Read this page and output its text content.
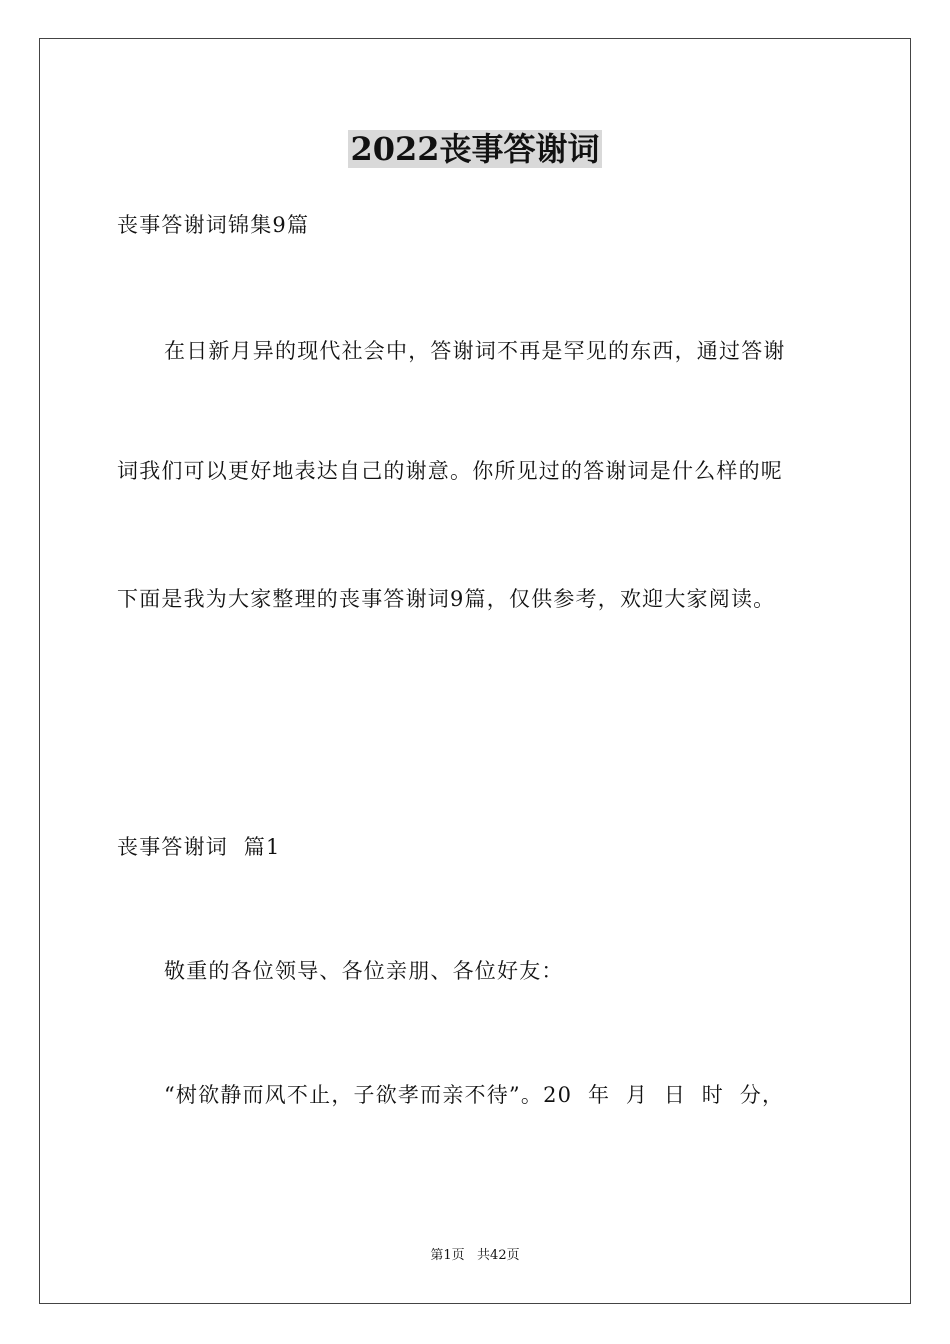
2022丧事答谢词
丧事答谢词锦集9篇
在日新月异的现代社会中，答谢词不再是罕见的东西，通过答谢
词我们可以更好地表达自己的谢意。你所见过的答谢词是什么样的呢
下面是我为大家整理的丧事答谢词9篇，仅供参考，欢迎大家阅读。
丧事答谢词  篇1
敬重的各位领导、各位亲朋、各位好友：
“树欲静而风不止，子欲孝而亲不待”。20  年  月  日  时  分，
第1页   共42页
